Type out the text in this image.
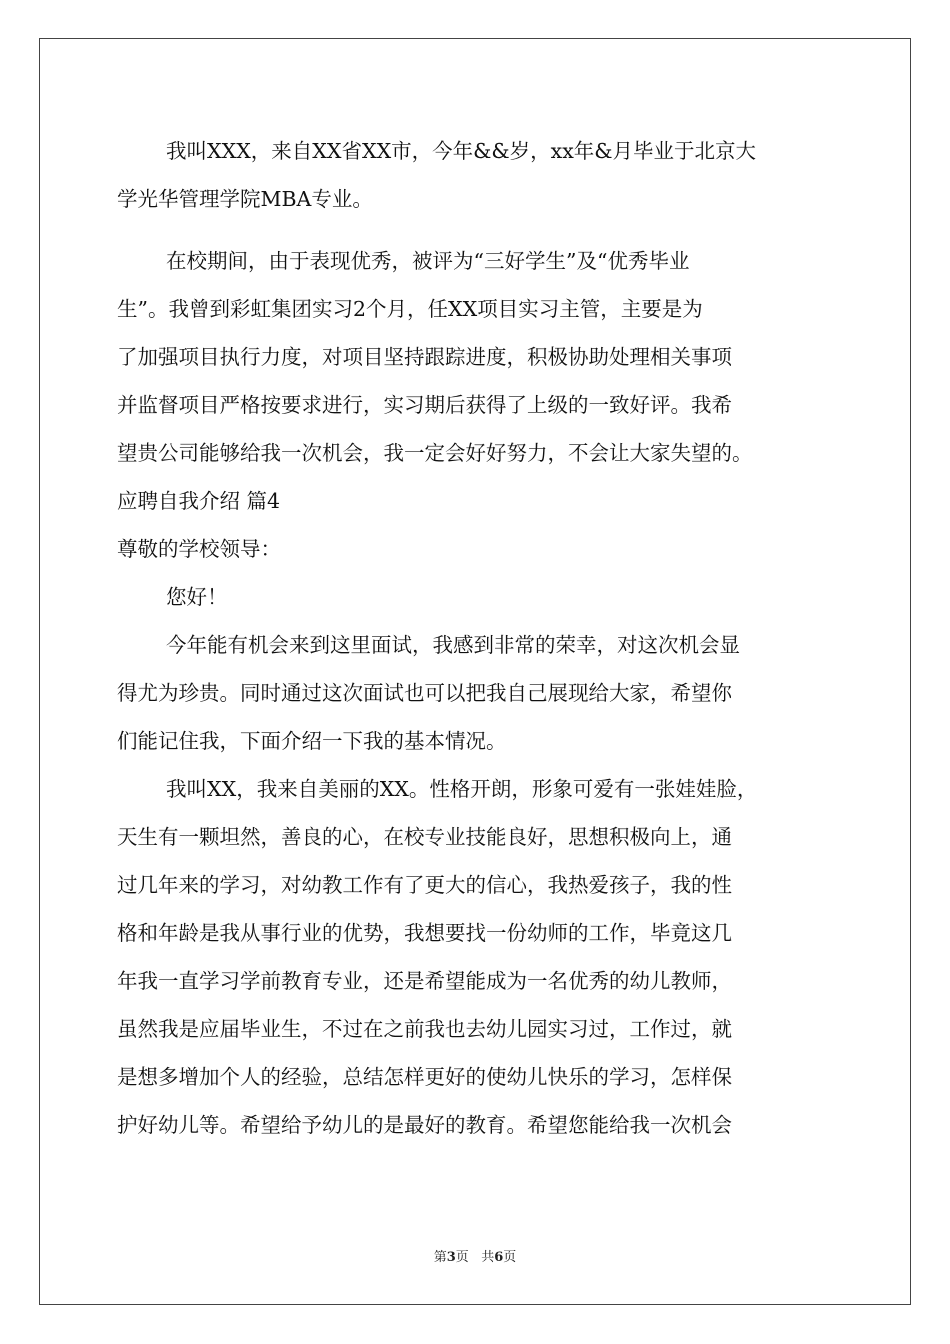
我叫XXX，来自XX省XX市，今年&&岁，xx年&月毕业于北京大
学光华管理学院MBA专业。
在校期间，由于表现优秀，被评为“三好学生”及“优秀毕业
生”。我曾到彩虹集团实习2个月，任XX项目实习主管，主要是为
了加强项目执行力度，对项目坚持跟踪进度，积极协助处理相关事项
并监督项目严格按要求进行，实习期后获得了上级的一致好评。我希
望贵公司能够给我一次机会，我一定会好好努力，不会让大家失望的。
应聘自我介绍 篇4
尊敬的学校领导：
您好！
今年能有机会来到这里面试，我感到非常的荣幸，对这次机会显
得尤为珍贵。同时通过这次面试也可以把我自己展现给大家，希望你
们能记住我，下面介绍一下我的基本情况。
我叫XX，我来自美丽的XX。性格开朗，形象可爱有一张娃娃脸，
天生有一颗坦然，善良的心，在校专业技能良好，思想积极向上，通
过几年来的学习，对幼教工作有了更大的信心，我热爱孩子，我的性
格和年龄是我从事行业的优势，我想要找一份幼师的工作，毕竟这几
年我一直学习学前教育专业，还是希望能成为一名优秀的幼儿教师，
虽然我是应届毕业生，不过在之前我也去幼儿园实习过，工作过，就
是想多增加个人的经验，总结怎样更好的使幼儿快乐的学习，怎样保
护好幼儿等。希望给予幼儿的是最好的教育。希望您能给我一次机会
第3页   共6页
